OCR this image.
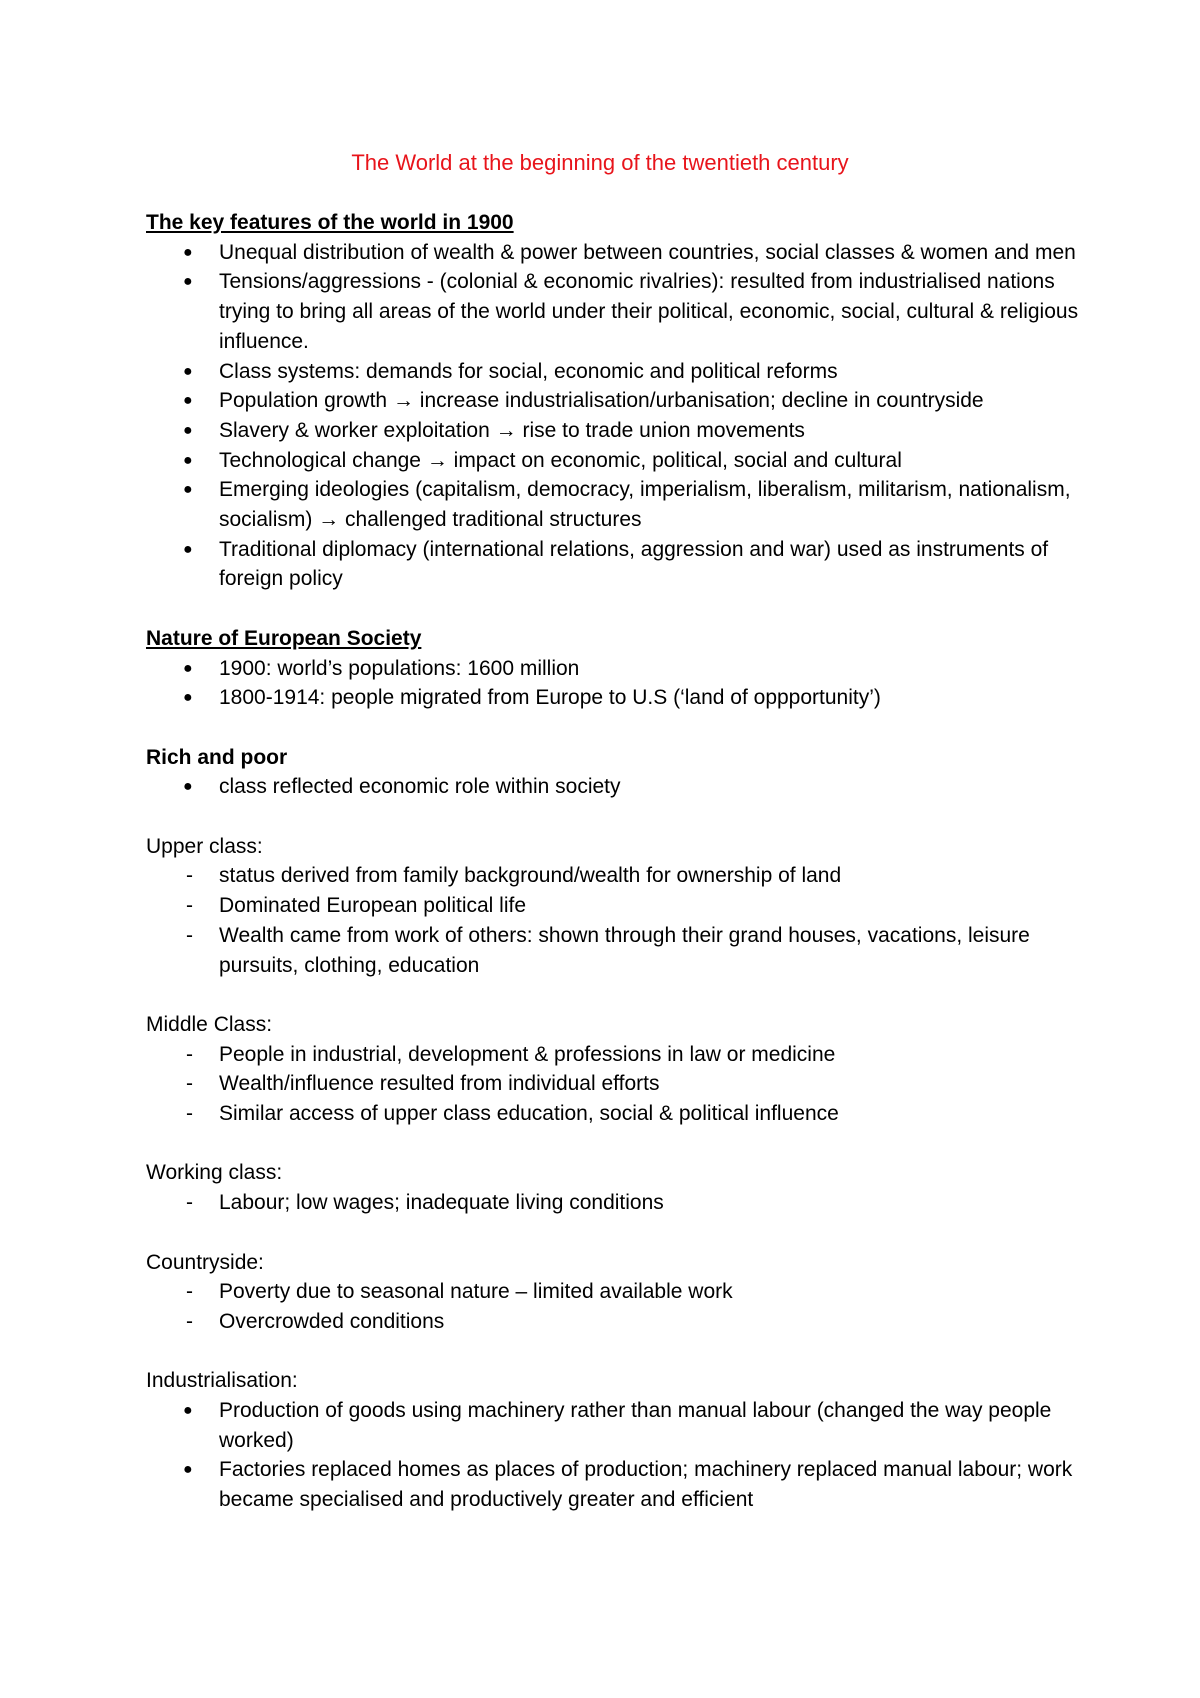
The World at the beginning of the twentieth century
The key features of the world in 1900
● Unequal distribution of wealth & power between countries, social classes & women and men
● Tensions/aggressions - (colonial & economic rivalries): resulted from industrialised nations trying to bring all areas of the world under their political, economic, social, cultural & religious influence.
● Class systems: demands for social, economic and political reforms
● Population growth → increase industrialisation/urbanisation; decline in countryside
● Slavery & worker exploitation → rise to trade union movements
● Technological change → impact on economic, political, social and cultural
● Emerging ideologies (capitalism, democracy, imperialism, liberalism, militarism, nationalism, socialism) → challenged traditional structures
● Traditional diplomacy (international relations, aggression and war) used as instruments of foreign policy
Nature of European Society
● 1900: world’s populations: 1600 million
● 1800-1914: people migrated from Europe to U.S (‘land of oppportunity’)
Rich and poor
● class reflected economic role within society
Upper class:
- status derived from family background/wealth for ownership of land
- Dominated European political life
- Wealth came from work of others: shown through their grand houses, vacations, leisure pursuits, clothing, education
Middle Class:
- People in industrial, development & professions in law or medicine
- Wealth/influence resulted from individual efforts
- Similar access of upper class education, social & political influence
Working class:
- Labour; low wages; inadequate living conditions
Countryside:
- Poverty due to seasonal nature – limited available work
- Overcrowded conditions
Industrialisation:
● Production of goods using machinery rather than manual labour (changed the way people worked)
● Factories replaced homes as places of production; machinery replaced manual labour; work became specialised and productively greater and efficient
